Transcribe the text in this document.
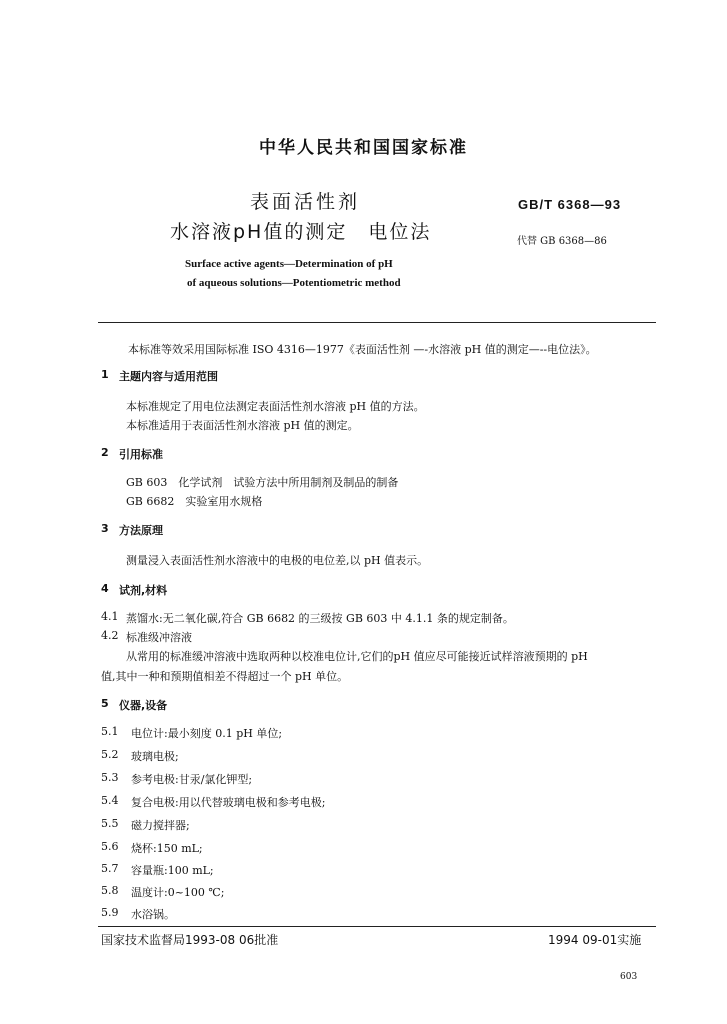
中华人民共和国国家标准
表面活性剂
水溶液pH值的测定　电位法
GB/T 6368—93
代替 GB 6368—86
Surface active agents—Determination of pH
of aqueous solutions—Potentiometric method
本标准等效采用国际标准 ISO 4316—1977《表面活性剂 —-水溶液 pH 值的测定—--电位法》。
1 主题内容与适用范围
本标准规定了用电位法测定表面活性剂水溶液 pH 值的方法。
本标准适用于表面活性剂水溶液 pH 值的测定。
2 引用标准
GB 603　化学试剂　试验方法中所用制剂及制品的制备
GB 6682　实验室用水规格
3 方法原理
测量浸入表面活性剂水溶液中的电极的电位差,以 pH 值表示。
4 试剂,材料
4.1 蒸馏水:无二氧化碳,符合 GB 6682 的三级按 GB 603 中 4.1.1 条的规定制备。
4.2 标准级冲溶液
从常用的标准缓冲溶液中选取两种以校准电位计,它们的pH 值应尽可能接近试样溶液预期的 pH
值,其中一种和预期值相差不得超过一个 pH 单位。
5 仪器,设备
5.1 电位计:最小刻度 0.1 pH 单位;
5.2 玻璃电极;
5.3 参考电极:甘汞/氯化钾型;
5.4 复合电极:用以代替玻璃电极和参考电极;
5.5 磁力搅拌器;
5.6 烧杯:150 mL;
5.7 容量瓶:100 mL;
5.8 温度计:0~100 ℃;
5.9 水浴锅。
国家技术监督局1993-08 06批准	1994 09-01实施
603
